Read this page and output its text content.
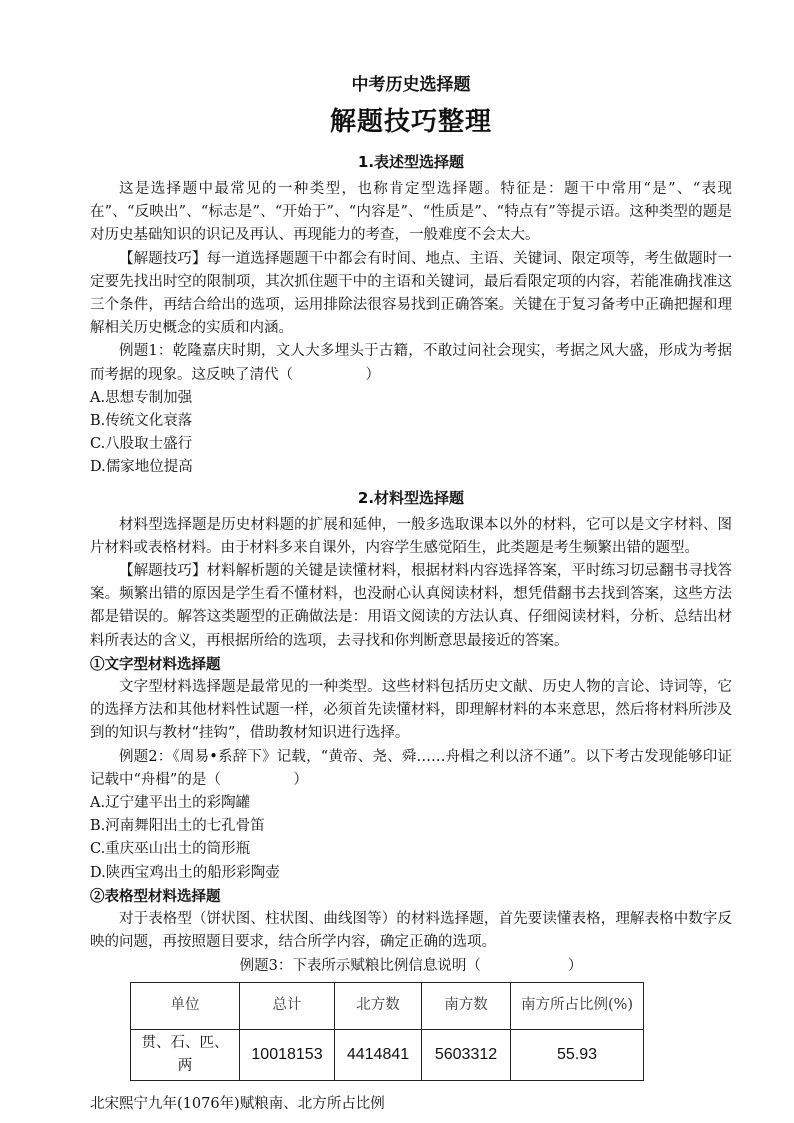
中考历史选择题
解题技巧整理
1.表述型选择题

这是选择题中最常见的一种类型，也称肯定型选择题。特征是：题干中常用“是”、“表现在”、“反映出”、“标志是”、“开始于”、“内容是”、“性质是”、“特点有”等提示语。这种类型的题是对历史基础知识的识记及再认、再现能力的考查，一般难度不会太大。

【解题技巧】每一道选择题题干中都会有时间、地点、主语、关键词、限定项等，考生做题时一定要先找出时空的限制项，其次抓住题干中的主语和关键词，最后看限定项的内容，若能准确找准这三个条件，再结合给出的选项，运用排除法很容易找到正确答案。关键在于复习备考中正确把握和理解相关历史概念的实质和内涵。

例题1：乾隆嘉庆时期，文人大多埋头于古籍，不敢过问社会现实，考据之风大盛，形成为考据而考据的现象。这反映了清代（　　　　　）

A.思想专制加强

B.传统文化衰落

C.八股取士盛行

D.儒家地位提高

2.材料型选择题

材料型选择题是历史材料题的扩展和延伸，一般多选取课本以外的材料，它可以是文字材料、图片材料或表格材料。由于材料多来自课外，内容学生感觉陌生，此类题是考生频繁出错的题型。

【解题技巧】材料解析题的关键是读懂材料，根据材料内容选择答案，平时练习切忌翻书寻找答案。频繁出错的原因是学生看不懂材料，也没耐心认真阅读材料，想凭借翻书去找到答案，这些方法都是错误的。解答这类题型的正确做法是：用语文阅读的方法认真、仔细阅读材料，分析、总结出材料所表达的含义，再根据所给的选项，去寻找和你判断意思最接近的答案。

①文字型材料选择题

文字型材料选择题是最常见的一种类型。这些材料包括历史文献、历史人物的言论、诗词等，它的选择方法和其他材料性试题一样，必须首先读懂材料，即理解材料的本来意思，然后将材料所涉及到的知识与教材“挂钩”，借助教材知识进行选择。

例题2：《周易•系辞下》记载，“黄帝、尧、舜……舟楫之利以济不通”。以下考古发现能够印证记载中“舟楫”的是（　　　　　）

A.辽宁建平出土的彩陶罐

B.河南舞阳出土的七孔骨笛

C.重庆巫山出土的筒形瓶

D.陕西宝鸡出土的船形彩陶壶

②表格型材料选择题

对于表格型（饼状图、柱状图、曲线图等）的材料选择题，首先要读懂表格，理解表格中数字反映的问题，再按照题目要求，结合所学内容，确定正确的选项。

例题3：下表所示赋粮比例信息说明（　　　　　　）

单位	总计	北方数	南方数	南方所占比例(%)
贯、石、匹、两	10018153	4414841	5603312	55.93

北宋熙宁九年(1076年)赋粮南、北方所占比例
